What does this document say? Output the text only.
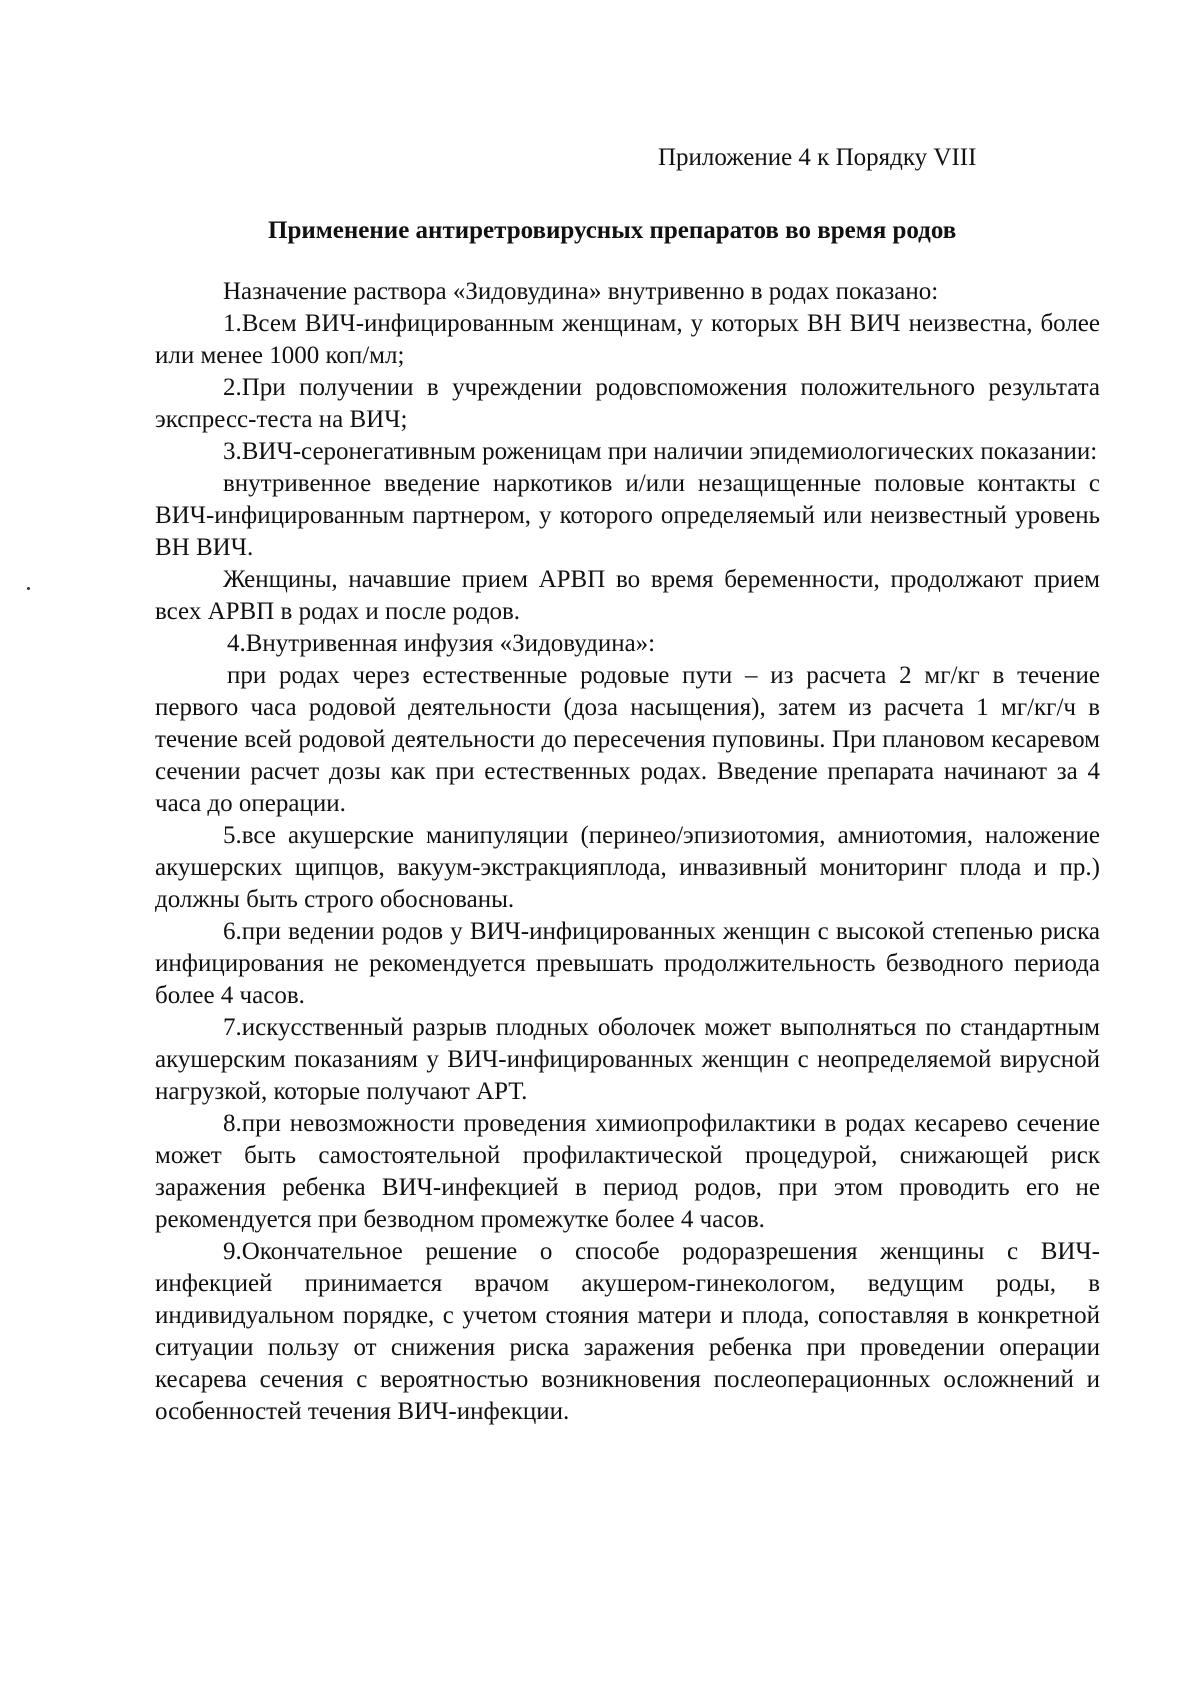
Приложение 4 к Порядку VIII
Применение антиретровирусных препаратов во время родов

Назначение раствора «Зидовудина» внутривенно в родах показано:

1.Всем ВИЧ-инфицированным женщинам, у которых ВН ВИЧ неизвестна, более или менее 1000 коп/мл;

2.При получении в учреждении родовспоможения положительного результата экспресс-теста на ВИЧ;

3.ВИЧ-серонегативным роженицам при наличии эпидемиологических показании:

внутривенное введение наркотиков и/или незащищенные половые контакты с ВИЧ-инфицированным партнером, у которого определяемый или неизвестный уровень ВН ВИЧ.

Женщины, начавшие прием АРВП во время беременности, продолжают прием всех АРВП в родах и после родов.

4.Внутривенная инфузия «Зидовудина»:

при родах через естественные родовые пути – из расчета 2 мг/кг в течение первого часа родовой деятельности (доза насыщения), затем из расчета 1 мг/кг/ч в течение всей родовой деятельности до пересечения пуповины. При плановом кесаревом сечении расчет дозы как при естественных родах. Введение препарата начинают за 4 часа до операции.

5.все акушерские манипуляции (перинео/эпизиотомия, амниотомия, наложение акушерских щипцов, вакуум-экстракцияплода, инвазивный мониторинг плода и пр.) должны быть строго обоснованы.

6.при ведении родов у ВИЧ-инфицированных женщин с высокой степенью риска инфицирования не рекомендуется превышать продолжительность безводного периода более 4 часов.

7.искусственный разрыв плодных оболочек может выполняться по стандартным акушерским показаниям у ВИЧ-инфицированных женщин с неопределяемой вирусной нагрузкой, которые получают АРТ.

8.при невозможности проведения химиопрофилактики в родах кесарево сечение может быть самостоятельной профилактической процедурой, снижающей риск заражения ребенка ВИЧ-инфекцией в период родов, при этом проводить его не рекомендуется при безводном промежутке более 4 часов.

9.Окончательное решение о способе родоразрешения женщины с ВИЧ-инфекцией принимается врачом акушером-гинекологом, ведущим роды, в индивидуальном порядке, с учетом стояния матери и плода, сопоставляя в конкретной ситуации пользу от снижения риска заражения ребенка при проведении операции кесарева сечения с вероятностью возникновения послеоперационных осложнений и особенностей течения ВИЧ-инфекции.
